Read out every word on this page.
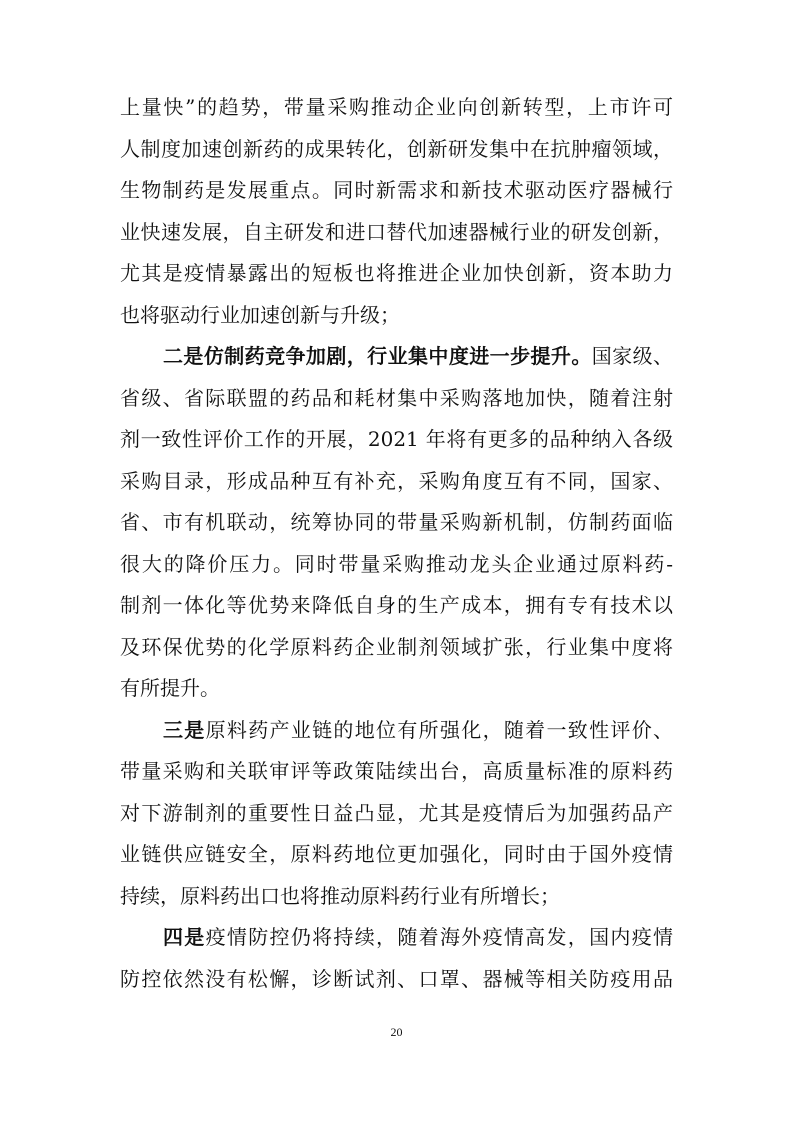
上量快”的趋势，带量采购推动企业向创新转型，上市许可
人制度加速创新药的成果转化，创新研发集中在抗肿瘤领域，
生物制药是发展重点。同时新需求和新技术驱动医疗器械行
业快速发展，自主研发和进口替代加速器械行业的研发创新，
尤其是疫情暴露出的短板也将推进企业加快创新，资本助力
也将驱动行业加速创新与升级；
二是仿制药竞争加剧，行业集中度进一步提升。国家级、
省级、省际联盟的药品和耗材集中采购落地加快，随着注射
剂一致性评价工作的开展，2021 年将有更多的品种纳入各级
采购目录，形成品种互有补充，采购角度互有不同，国家、
省、市有机联动，统筹协同的带量采购新机制，仿制药面临
很大的降价压力。同时带量采购推动龙头企业通过原料药-
制剂一体化等优势来降低自身的生产成本，拥有专有技术以
及环保优势的化学原料药企业制剂领域扩张，行业集中度将
有所提升。
三是原料药产业链的地位有所强化，随着一致性评价、
带量采购和关联审评等政策陆续出台，高质量标准的原料药
对下游制剂的重要性日益凸显，尤其是疫情后为加强药品产
业链供应链安全，原料药地位更加强化，同时由于国外疫情
持续，原料药出口也将推动原料药行业有所增长；
四是疫情防控仍将持续，随着海外疫情高发，国内疫情
防控依然没有松懈，诊断试剂、口罩、器械等相关防疫用品
20
